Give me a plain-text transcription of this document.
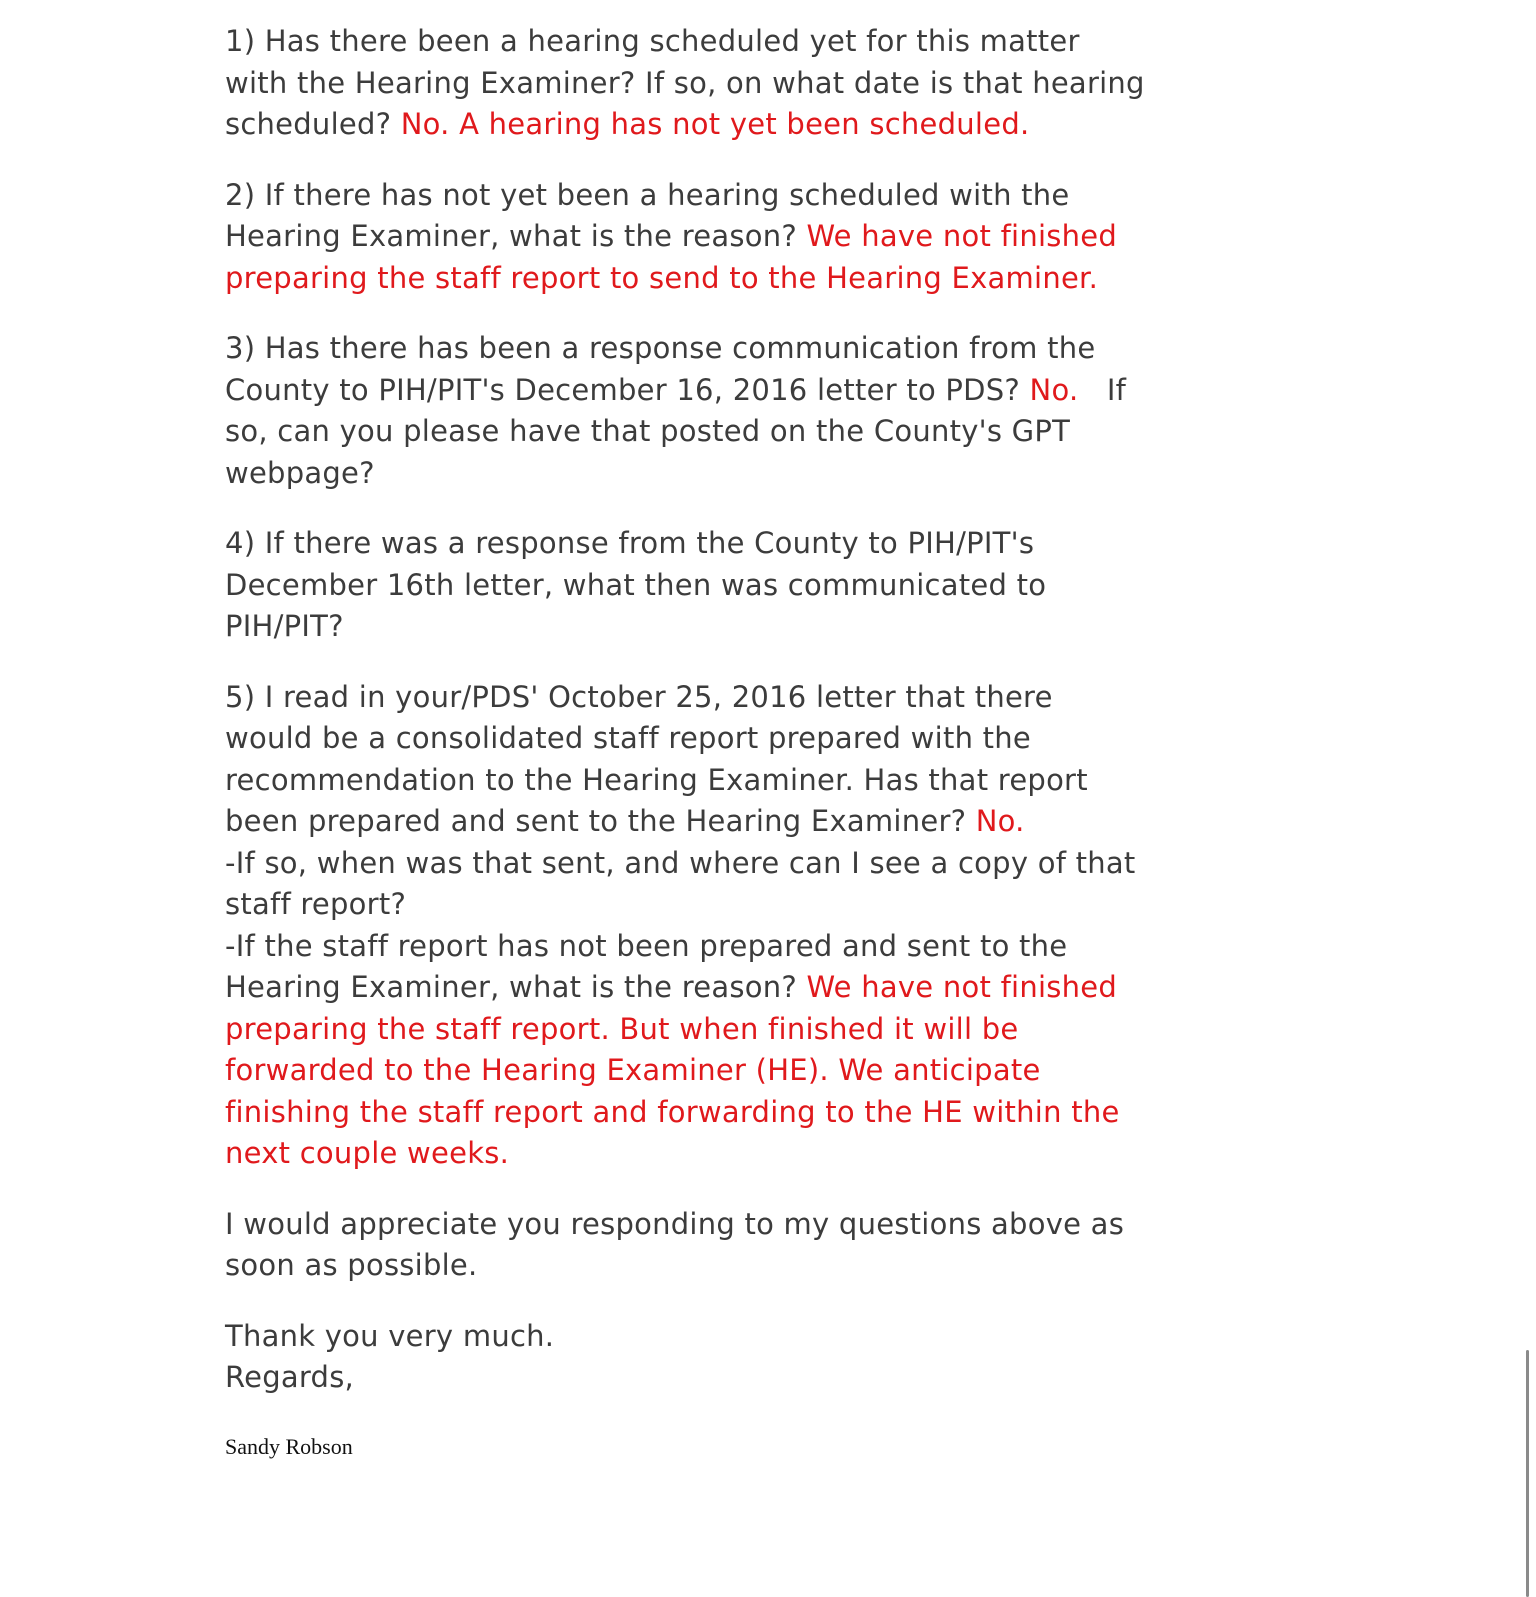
1) Has there been a hearing scheduled yet for this matter
with the Hearing Examiner? If so, on what date is that hearing
scheduled? No. A hearing has not yet been scheduled.
2) If there has not yet been a hearing scheduled with the
Hearing Examiner, what is the reason? We have not finished
preparing the staff report to send to the Hearing Examiner.
3) Has there has been a response communication from the
County to PIH/PIT's December 16, 2016 letter to PDS? No.   If
so, can you please have that posted on the County's GPT
webpage?
4) If there was a response from the County to PIH/PIT's
December 16th letter, what then was communicated to
PIH/PIT?
5) I read in your/PDS' October 25, 2016 letter that there
would be a consolidated staff report prepared with the
recommendation to the Hearing Examiner. Has that report
been prepared and sent to the Hearing Examiner? No.
-If so, when was that sent, and where can I see a copy of that
staff report?
-If the staff report has not been prepared and sent to the
Hearing Examiner, what is the reason? We have not finished
preparing the staff report. But when finished it will be
forwarded to the Hearing Examiner (HE). We anticipate
finishing the staff report and forwarding to the HE within the
next couple weeks.
I would appreciate you responding to my questions above as
soon as possible.
Thank you very much.
Regards,
Sandy Robson
